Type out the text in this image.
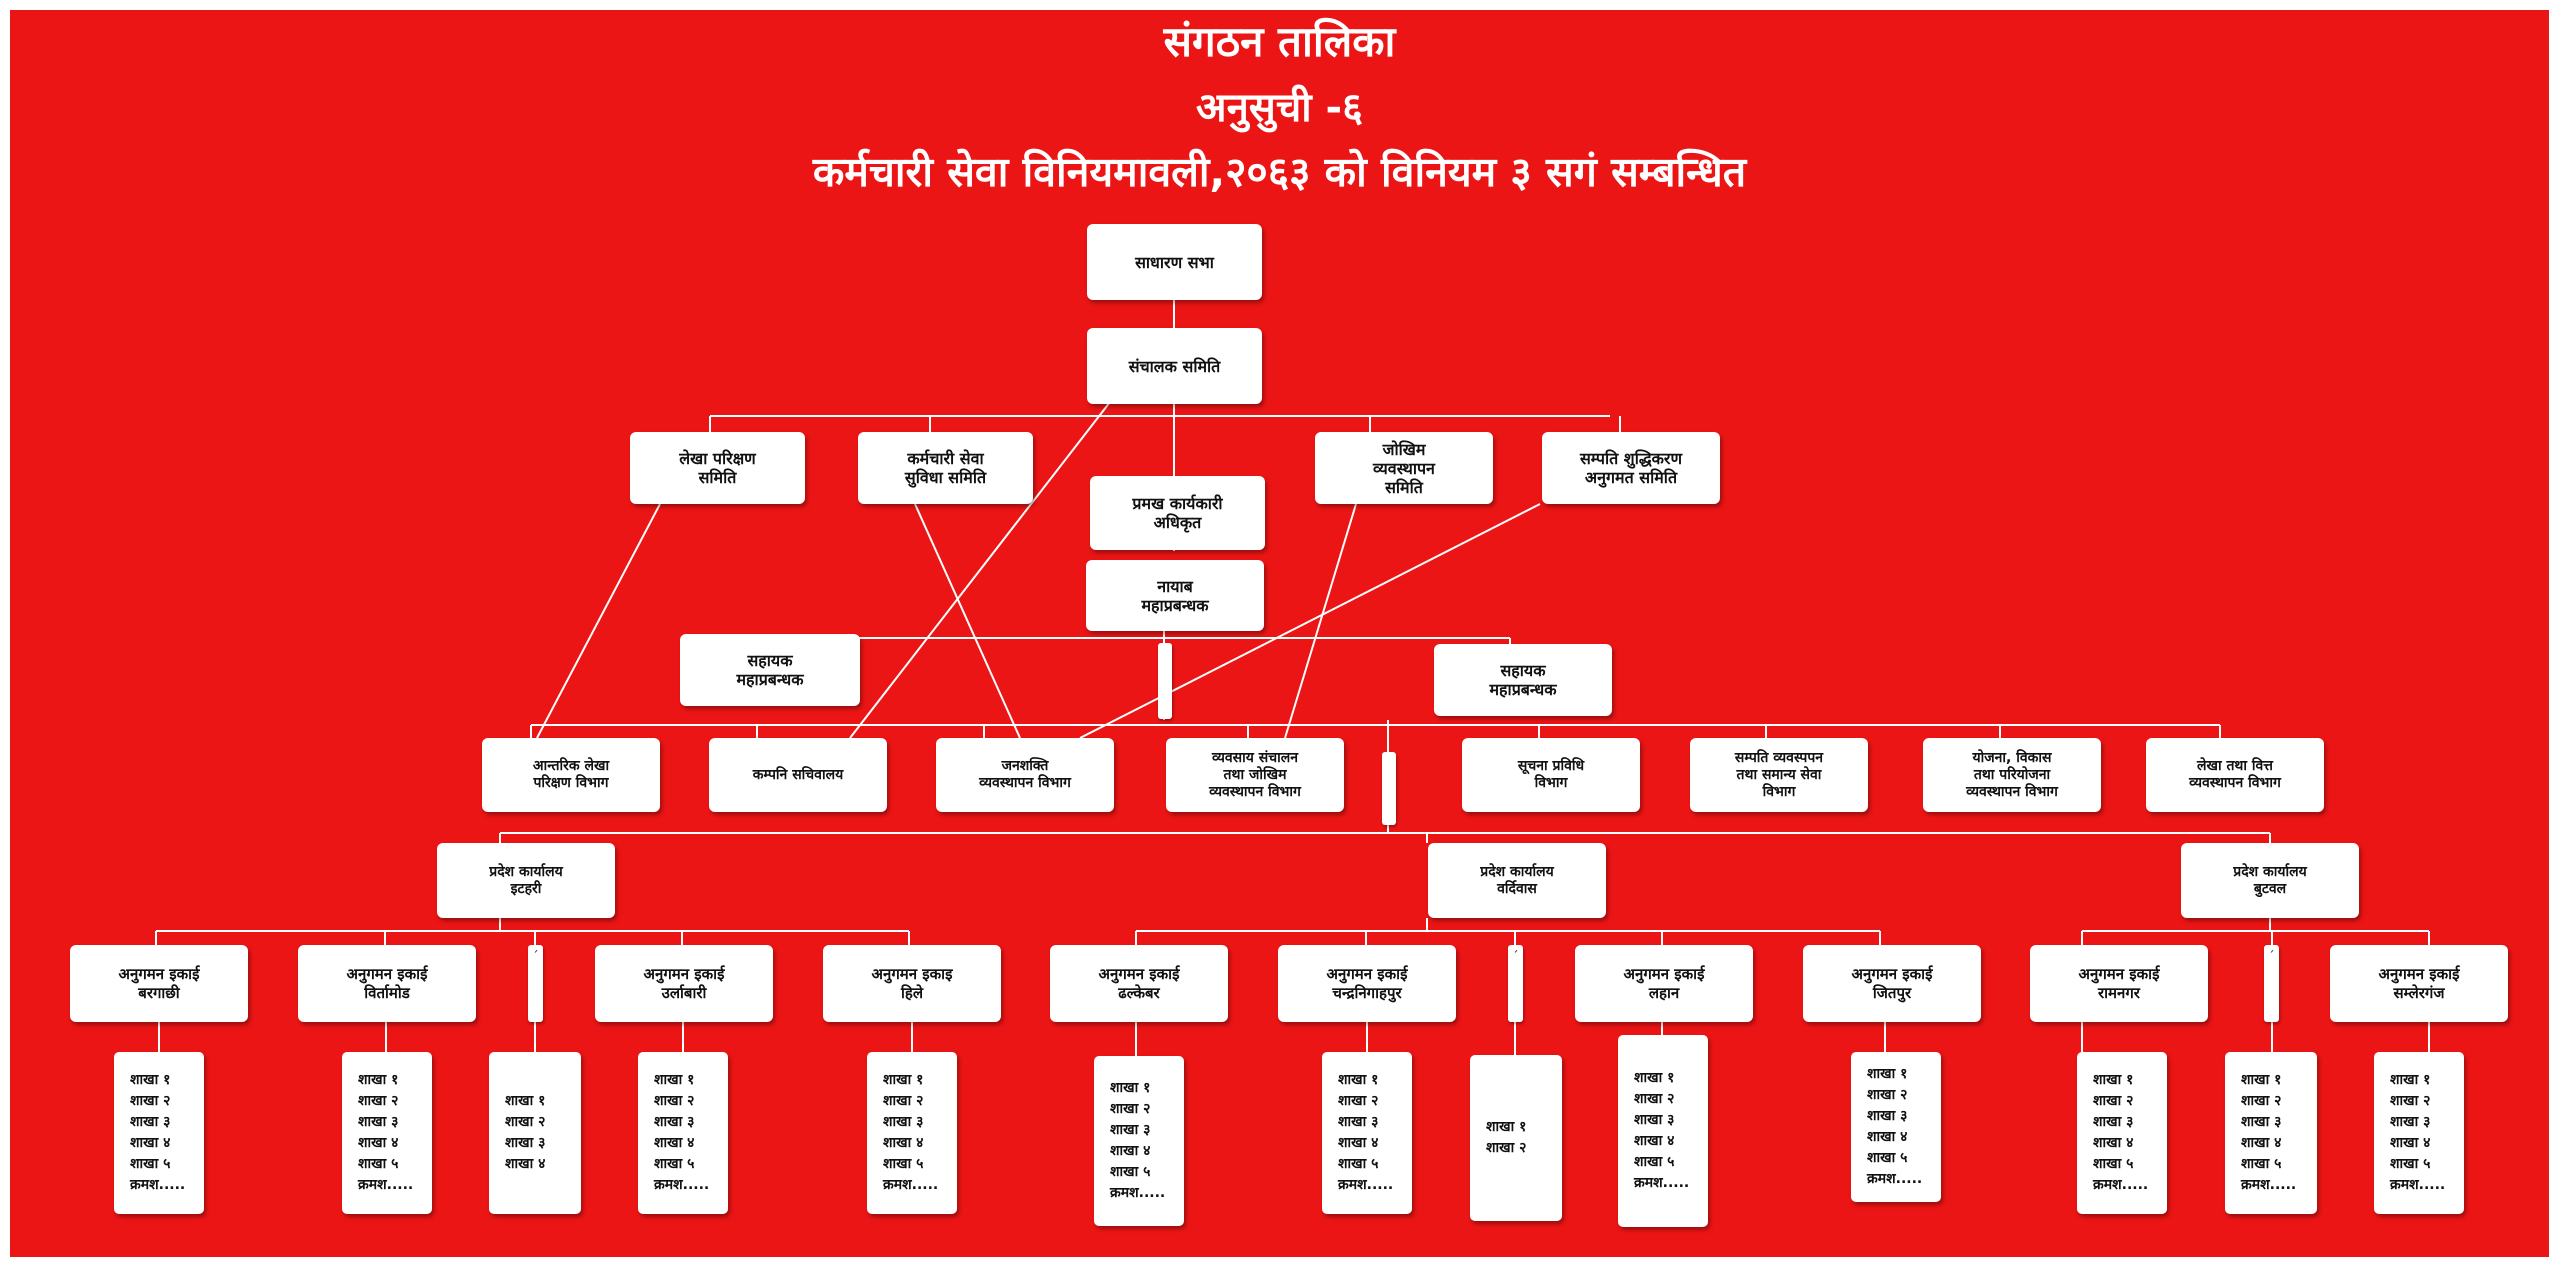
संगठन तालिका
अनुसुची -६
कर्मचारी सेवा विनियमावली,२०६३ को विनियम ३ सगं सम्बन्धित
साधारण सभा
संचालक समिति
लेखा परिक्षण
समिति
कर्मचारी सेवा
सुविधा समिति
जोखिम
व्यवस्थापन
समिति
सम्पति शुद्धिकरण
अनुगमत समिति
प्रमख कार्यकारी
अधिकृत
नायाब
महाप्रबन्धक
सहायक
महाप्रबन्धक	सहायक
महाप्रबन्धक
आन्तरिक लेखा
परिक्षण विभाग
कम्पनि सचिवालय
जनशक्ति
व्यवस्थापन विभाग
व्यवसाय संचालन
तथा जोखिम
व्यवस्थापन विभाग
सूचना प्रविधि
विभाग
सम्पति व्यवस्पपन
तथा समान्य सेवा
विभाग
योजना, विकास
तथा परियोजना
व्यवस्थापन विभाग
लेखा तथा वित्त
व्यवस्थापन विभाग
प्रदेश कार्यालय
इटहरी
प्रदेश कार्यालय
वर्दिवास
प्रदेश कार्यालय
बुटवल
अनुगमन इकाई
बरगाछी
अनुगमन इकाई
विर्तामोड
´
अनुगमन इकाई
उर्लाबारी
अनुगमन इकाइ
हिले
अनुगमन इकाई
ढल्केबर
अनुगमन इकाई
चन्द्रनिगाहपुर
´
अनुगमन इकाई
लहान
अनुगमन इकाई
जितपुर
अनुगमन इकाई
रामनगर
´
अनुगमन इकाई
सम्लेरगंज
शाखा १
शाखा २
शाखा ३
शाखा ४
शाखा ५
क्रमश.....
शाखा १
शाखा २
शाखा ३
शाखा ४
शाखा ५
क्रमश.....
शाखा १
शाखा २
शाखा ३
शाखा ४
शाखा १
शाखा २
शाखा ३
शाखा ४
शाखा ५
क्रमश.....
शाखा १
शाखा २
शाखा ३
शाखा ४
शाखा ५
क्रमश.....
शाखा १
शाखा २
शाखा ३
शाखा ४
शाखा ५
क्रमश.....
शाखा १
शाखा २
शाखा ३
शाखा ४
शाखा ५
क्रमश.....
शाखा १
शाखा २
शाखा १
शाखा २
शाखा ३
शाखा ४
शाखा ५
क्रमश.....
शाखा १
शाखा २
शाखा ३
शाखा ४
शाखा ५
क्रमश.....
शाखा १
शाखा २
शाखा ३
शाखा ४
शाखा ५
क्रमश.....
शाखा १
शाखा २
शाखा ३
शाखा ४
शाखा ५
क्रमश.....
शाखा १
शाखा २
शाखा ३
शाखा ४
शाखा ५
क्रमश.....
